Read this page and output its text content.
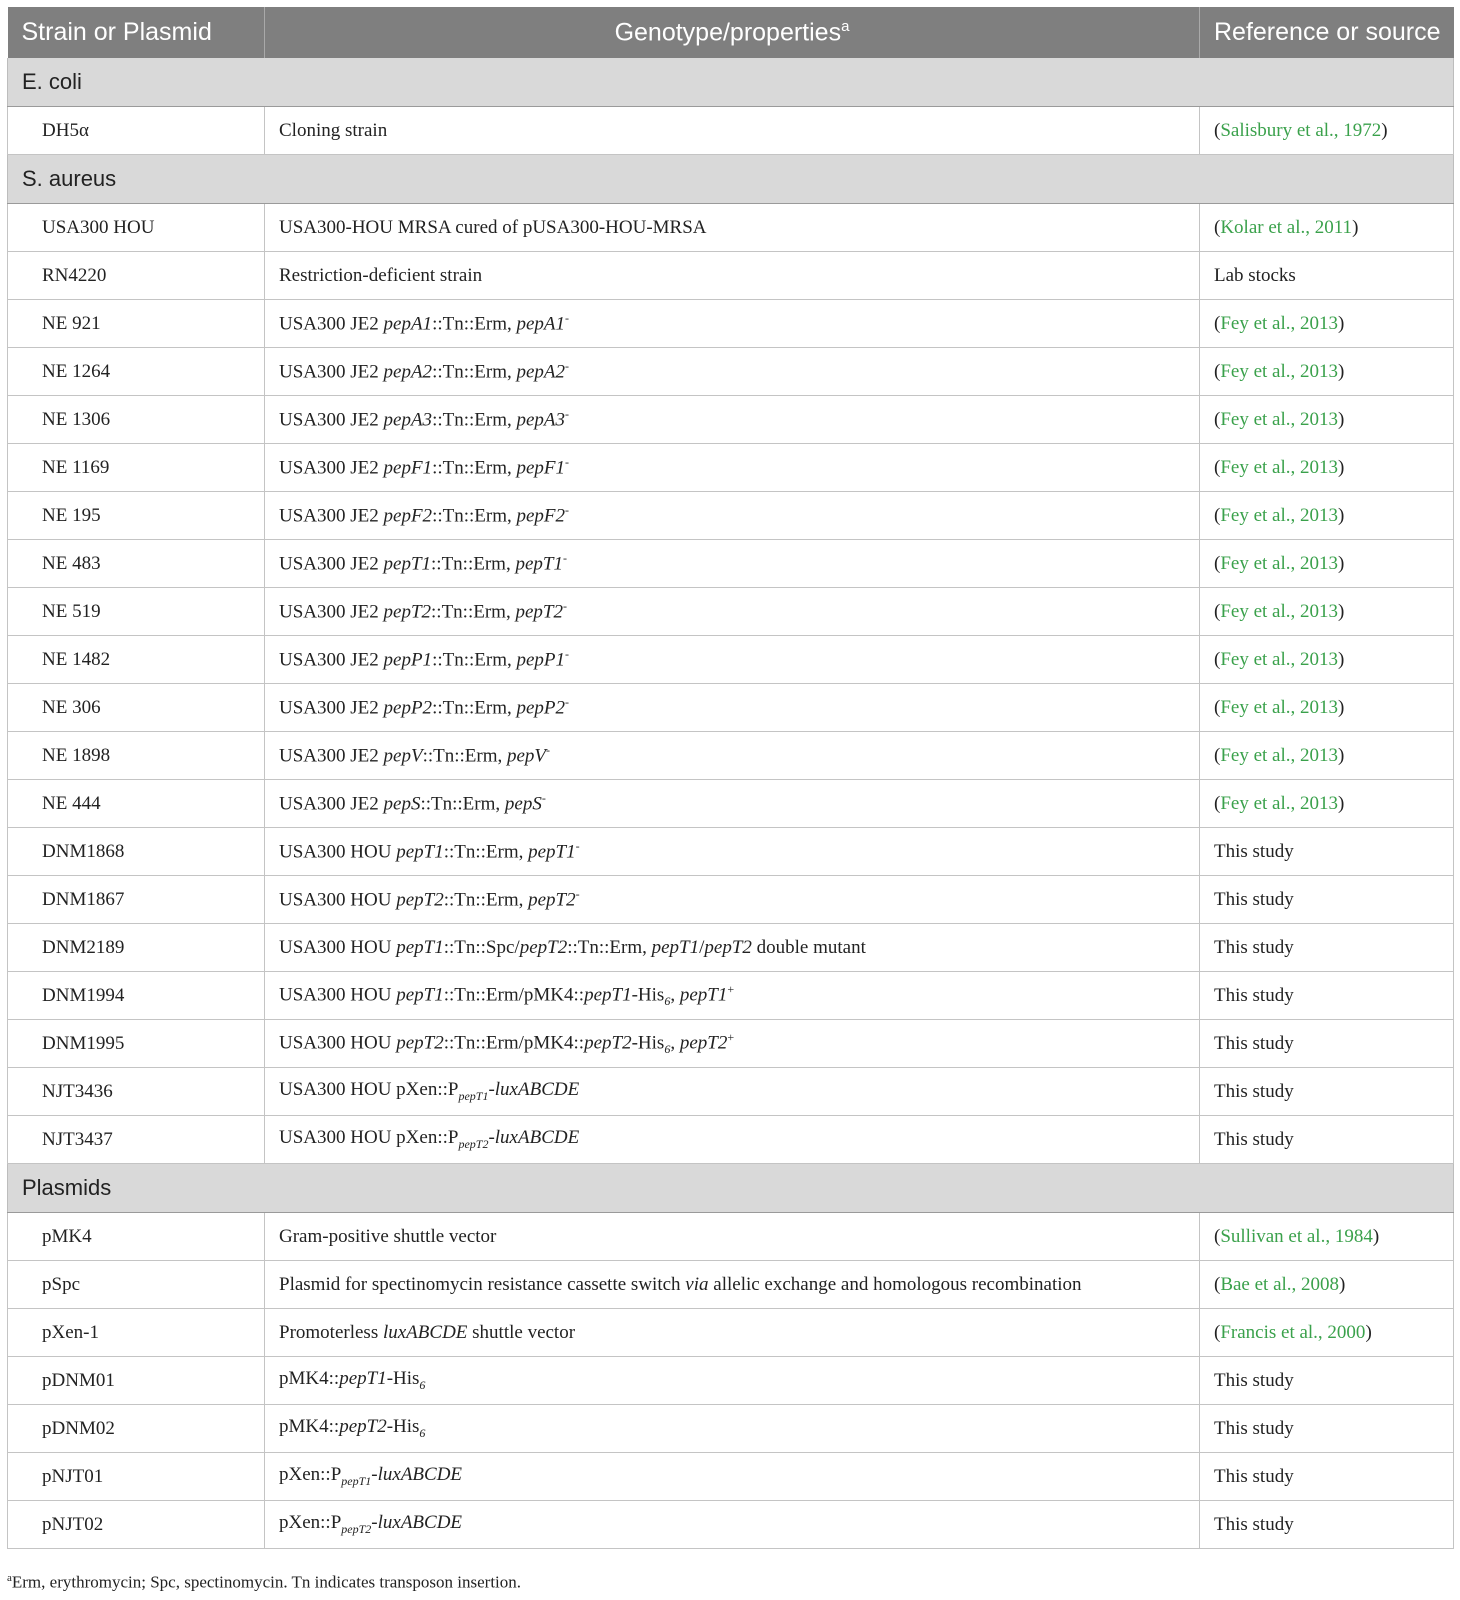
Strain or Plasmid	Genotype/properties$^a$	Reference or source
E. coli		
DH5α	Cloning strain	(Salisbury et al., 1972)
S. aureus		
USA300 HOU	USA300-HOU MRSA cured of pUSA300-HOU-MRSA	(Kolar et al., 2011)
RN4220	Restriction-deficient strain	Lab stocks
NE 921	USA300 JE2 pepA1::Tn::Erm, pepA1-	(Fey et al., 2013)
NE 1264	USA300 JE2 pepA2::Tn::Erm, pepA2-	(Fey et al., 2013)
NE 1306	USA300 JE2 pepA3::Tn::Erm, pepA3-	(Fey et al., 2013)
NE 1169	USA300 JE2 pepF1::Tn::Erm, pepF1-	(Fey et al., 2013)
NE 195	USA300 JE2 pepF2::Tn::Erm, pepF2-	(Fey et al., 2013)
NE 483	USA300 JE2 pepT1::Tn::Erm, pepT1-	(Fey et al., 2013)
NE 519	USA300 JE2 pepT2::Tn::Erm, pepT2-	(Fey et al., 2013)
NE 1482	USA300 JE2 pepP1::Tn::Erm, pepP1-	(Fey et al., 2013)
NE 306	USA300 JE2 pepP2::Tn::Erm, pepP2-	(Fey et al., 2013)
NE 1898	USA300 JE2 pepV::Tn::Erm, pepV-	(Fey et al., 2013)
NE 444	USA300 JE2 pepS::Tn::Erm, pepS-	(Fey et al., 2013)
DNM1868	USA300 HOU pepT1::Tn::Erm, pepT1-	This study
DNM1867	USA300 HOU pepT2::Tn::Erm, pepT2-	This study
DNM2189	USA300 HOU pepT1::Tn::Spc/pepT2::Tn::Erm, pepT1/pepT2 double mutant	This study
DNM1994	USA300 HOU pepT1::Tn::Erm/pMK4::pepT1-His$_6$, pepT1+	This study
DNM1995	USA300 HOU pepT2::Tn::Erm/pMK4::pepT2-His$_6$, pepT2+	This study
NJT3436	USA300 HOU $pXen::P_{pepT1}$-luxABCDE	This study
NJT3437	USA300 HOU $pXen::P_{pepT2}$-luxABCDE	This study
Plasmids		
pMK4	Gram-positive shuttle vector	(Sullivan et al., 1984)
pSpc	Plasmid for spectinomycin resistance cassette switch via allelic exchange and homologous recombination	(Bae et al., 2008)
pXen-1	Promoterless luxABCDE shuttle vector	(Francis et al., 2000)
pDNM01	pMK4::pepT1-His$_6$	This study
pDNM02	pMK4::pepT2-His$_6$	This study
pNJT01	$pXen::P_{pepT1}$-luxABCDE	This study
pNJT02	$pXen::P_{pepT2}$-luxABCDE	This study
$^a$Erm, erythromycin; Spc, spectinomycin. Tn indicates transposon insertion.
